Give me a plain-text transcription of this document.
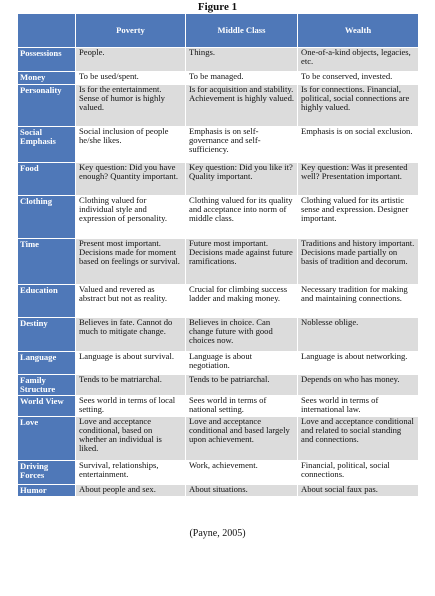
Figure 1
	Poverty	Middle Class	Wealth
Possessions	People.	Things.	One-of-a-kind objects, legacies, etc.
Money	To be used/spent.	To be managed.	To be conserved, invested.
Personality	Is for the entertainment. Sense of humor is highly valued.	Is for acquisition and stability. Achievement is highly valued.	Is for connections. Financial, political, social connections are highly valued.
Social Emphasis	Social inclusion of people he/she likes.	Emphasis is on self-governance and self-sufficiency.	Emphasis is on social exclusion.
Food	Key question: Did you have enough? Quantity important.	Key question: Did you like it? Quality important.	Key question: Was it presented well? Presentation important.
Clothing	Clothing valued for individual style and expression of personality.	Clothing valued for its quality and acceptance into norm of middle class.	Clothing valued for its artistic sense and expression. Designer important.
Time	Present most important. Decisions made for moment based on feelings or survival.	Future most important. Decisions made against future ramifications.	Traditions and history important. Decisions made partially on basis of tradition and decorum.
Education	Valued and revered as abstract but not as reality.	Crucial for climbing success ladder and making money.	Necessary tradition for making and maintaining connections.
Destiny	Believes in fate. Cannot do much to mitigate change.	Believes in choice. Can change future with good choices now.	Noblesse oblige.
Language	Language is about survival.	Language is about negotiation.	Language is about networking.
Family Structure	Tends to be matriarchal.	Tends to be patriarchal.	Depends on who has money.
World View	Sees world in terms of local setting.	Sees world in terms of national setting.	Sees world in terms of international law.
Love	Love and acceptance conditional, based on whether an individual is liked.	Love and acceptance conditional and based largely upon achievement.	Love and acceptance conditional and related to social standing and connections.
Driving Forces	Survival, relationships, entertainment.	Work, achievement.	Financial, political, social connections.
Humor	About people and sex.	About situations.	About social faux pas.
(Payne, 2005)
